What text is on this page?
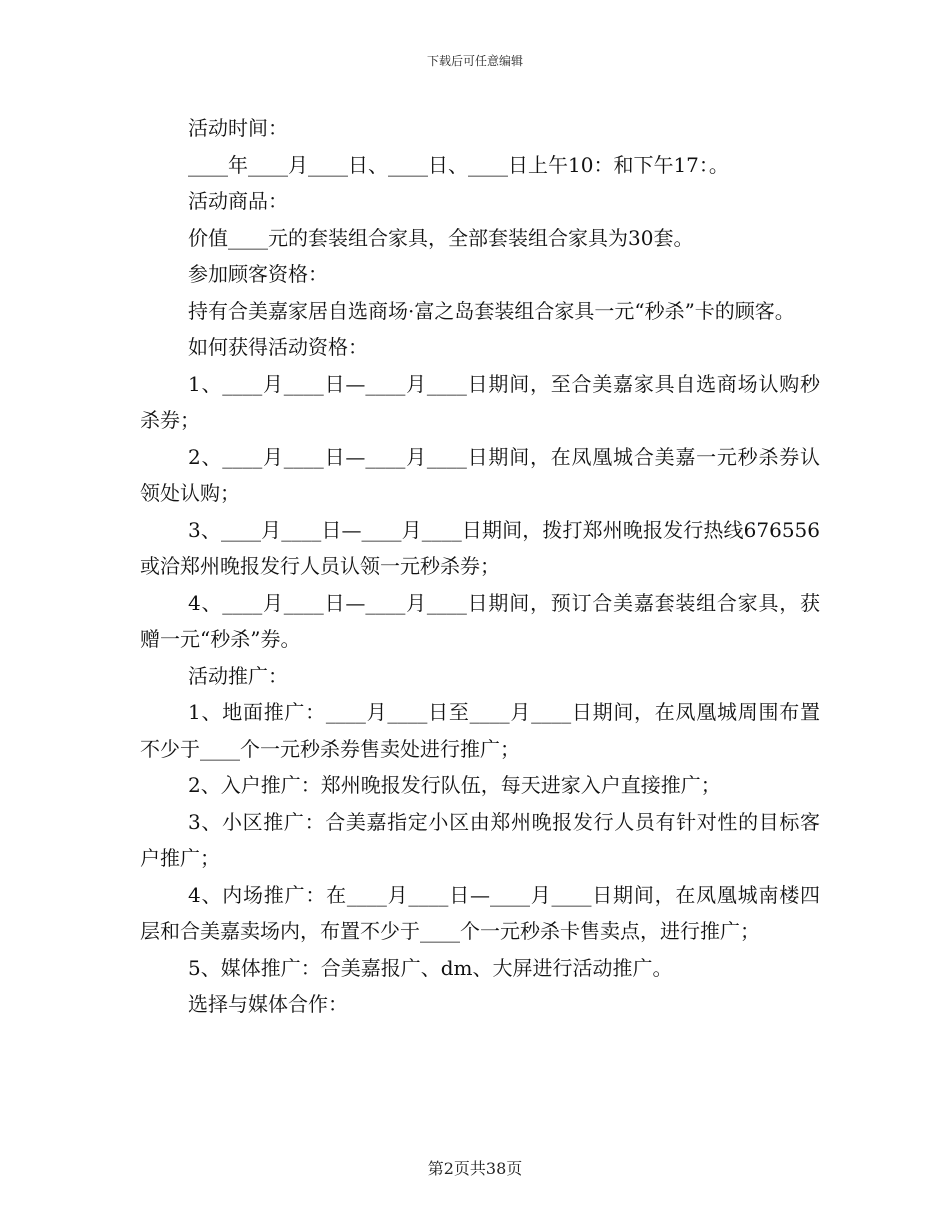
下载后可任意编辑

活动时间：

____年____月____日、____日、____日上午10：和下午17：。

活动商品：

价值____元的套装组合家具，全部套装组合家具为30套。

参加顾客资格：

持有合美嘉家居自选商场·富之岛套装组合家具一元“秒杀”卡的顾客。

如何获得活动资格：

1、____月____日—____月____日期间，至合美嘉家具自选商场认购秒杀券；

2、____月____日—____月____日期间，在凤凰城合美嘉一元秒杀券认领处认购；

3、____月____日—____月____日期间，拨打郑州晚报发行热线676556或洽郑州晚报发行人员认领一元秒杀券；

4、____月____日—____月____日期间，预订合美嘉套装组合家具，获赠一元“秒杀”券。

活动推广：

1、地面推广：____月____日至____月____日期间，在凤凰城周围布置不少于____个一元秒杀券售卖处进行推广；

2、入户推广：郑州晚报发行队伍，每天进家入户直接推广；

3、小区推广：合美嘉指定小区由郑州晚报发行人员有针对性的目标客户推广；

4、内场推广：在____月____日—____月____日期间，在凤凰城南楼四层和合美嘉卖场内，布置不少于____个一元秒杀卡售卖点，进行推广；

5、媒体推广：合美嘉报广、dm、大屏进行活动推广。

选择与媒体合作：

第2页共38页
